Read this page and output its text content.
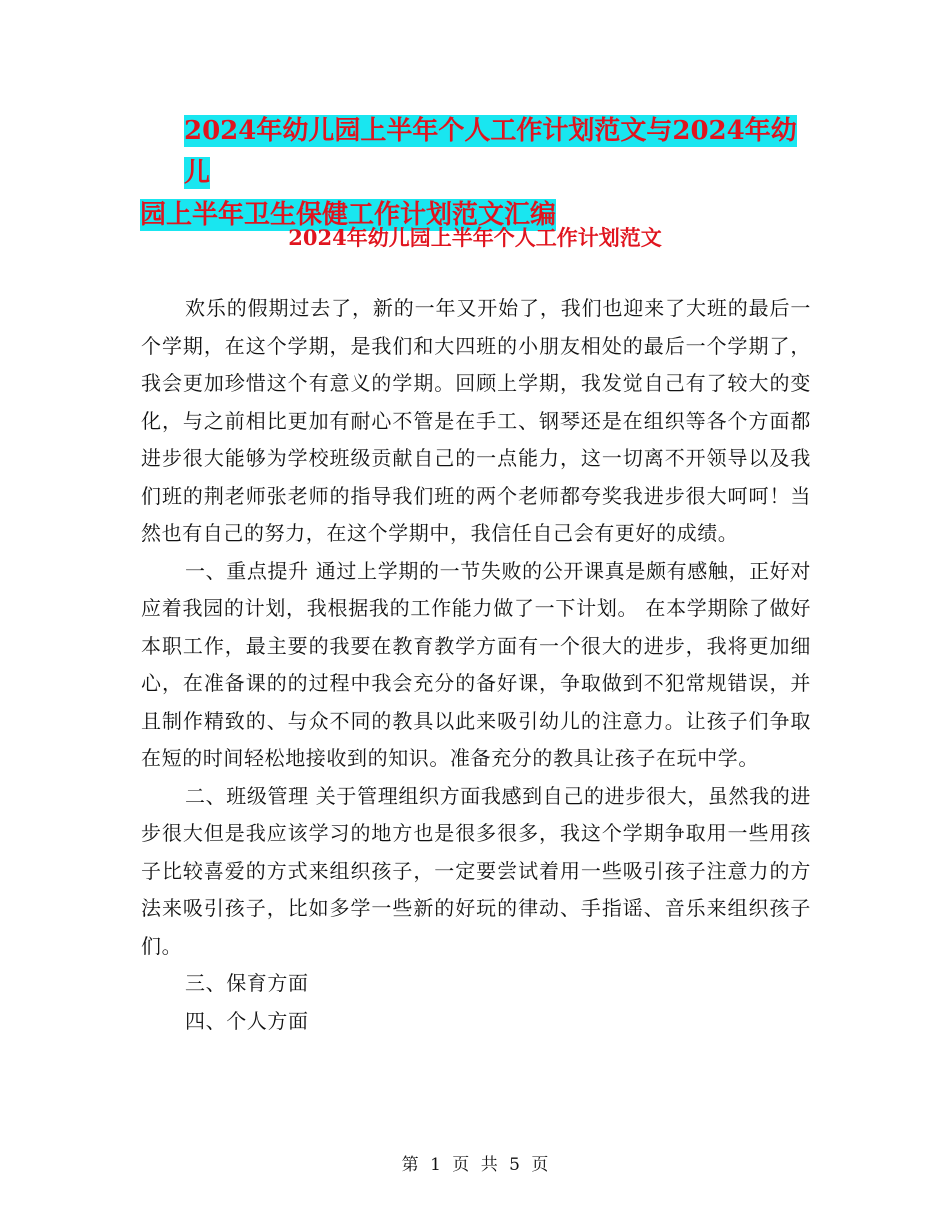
2024年幼儿园上半年个人工作计划范文与2024年幼儿
园上半年卫生保健工作计划范文汇编
2024年幼儿园上半年个人工作计划范文

欢乐的假期过去了，新的一年又开始了，我们也迎来了大班的最后一个学期，在这个学期，是我们和大四班的小朋友相处的最后一个学期了，我会更加珍惜这个有意义的学期。回顾上学期，我发觉自己有了较大的变化，与之前相比更加有耐心不管是在手工、钢琴还是在组织等各个方面都进步很大能够为学校班级贡献自己的一点能力，这一切离不开领导以及我们班的荆老师张老师的指导我们班的两个老师都夸奖我进步很大呵呵！当然也有自己的努力，在这个学期中，我信任自己会有更好的成绩。

一、重点提升 通过上学期的一节失败的公开课真是颇有感触，正好对应着我园的计划，我根据我的工作能力做了一下计划。 在本学期除了做好本职工作，最主要的我要在教育教学方面有一个很大的进步，我将更加细心，在准备课的的过程中我会充分的备好课，争取做到不犯常规错误，并且制作精致的、与众不同的教具以此来吸引幼儿的注意力。让孩子们争取在短的时间轻松地接收到的知识。准备充分的教具让孩子在玩中学。

二、班级管理 关于管理组织方面我感到自己的进步很大，虽然我的进步很大但是我应该学习的地方也是很多很多，我这个学期争取用一些用孩子比较喜爱的方式来组织孩子，一定要尝试着用一些吸引孩子注意力的方法来吸引孩子，比如多学一些新的好玩的律动、手指谣、音乐来组织孩子们。

三、保育方面

四、个人方面

第 1 页 共 5 页
